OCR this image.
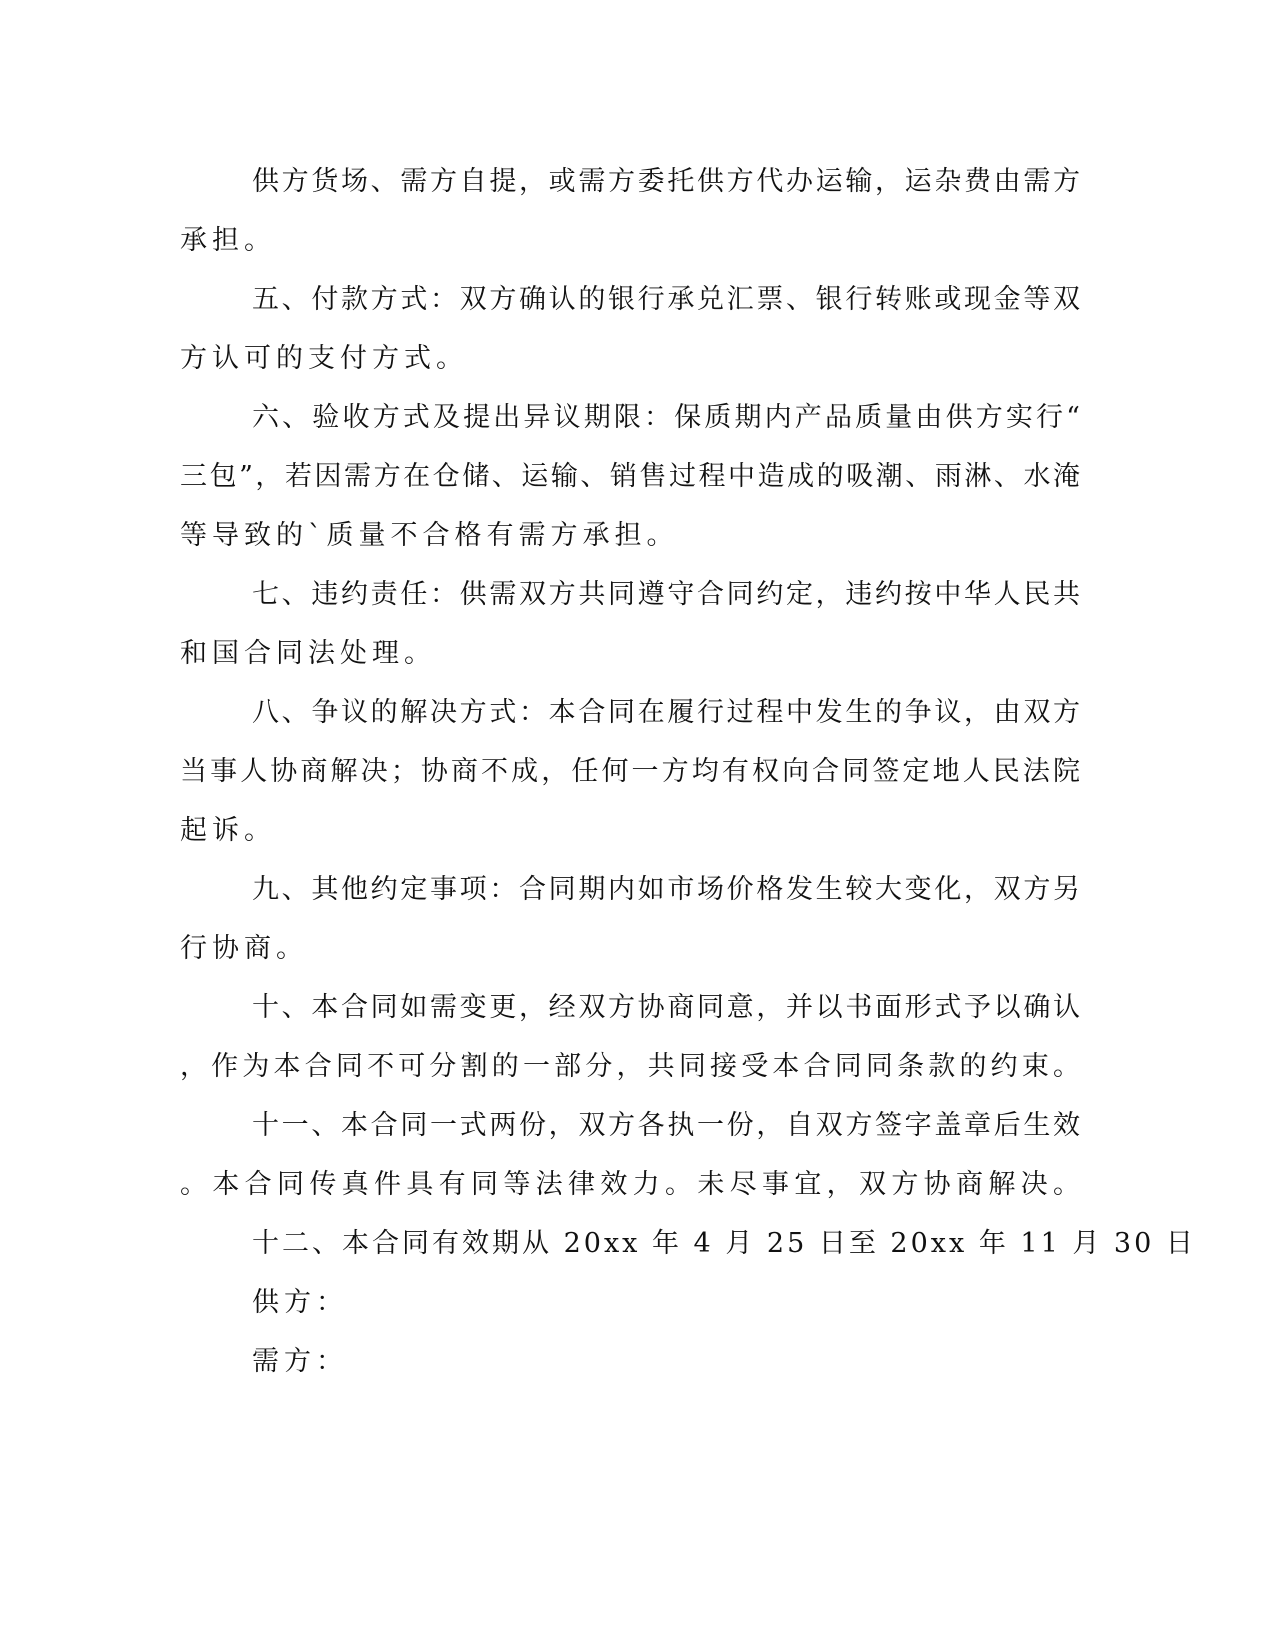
供方货场、需方自提，或需方委托供方代办运输，运杂费由需方
承担。
五、付款方式：双方确认的银行承兑汇票、银行转账或现金等双
方认可的支付方式。
六、验收方式及提出异议期限：保质期内产品质量由供方实行“
三包”，若因需方在仓储、运输、销售过程中造成的吸潮、雨淋、水淹
等导致的`质量不合格有需方承担。
七、违约责任：供需双方共同遵守合同约定，违约按中华人民共
和国合同法处理。
八、争议的解决方式：本合同在履行过程中发生的争议，由双方
当事人协商解决；协商不成，任何一方均有权向合同签定地人民法院
起诉。
九、其他约定事项：合同期内如市场价格发生较大变化，双方另
行协商。
十、本合同如需变更，经双方协商同意，并以书面形式予以确认
，作为本合同不可分割的一部分，共同接受本合同同条款的约束。
十一、本合同一式两份，双方各执一份，自双方签字盖章后生效
。本合同传真件具有同等法律效力。未尽事宜，双方协商解决。
十二、本合同有效期从 20xx 年 4 月 25 日至 20xx 年 11 月 30 日
供方：
需方：
